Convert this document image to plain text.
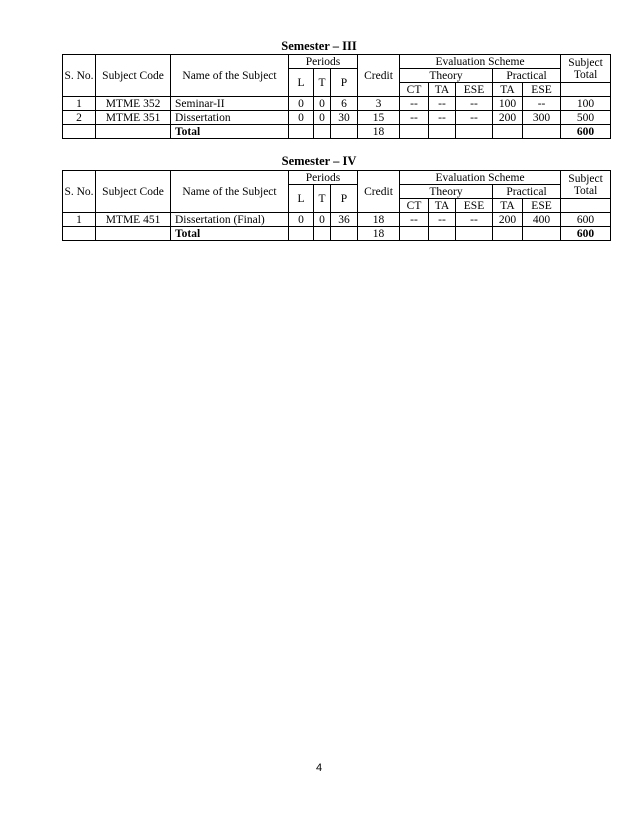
Semester – III
S. No.	Subject Code	Name of the Subject	Periods			Credit	Evaluation Scheme					Subject Total
			L	T	P		Theory			Practical		
							CT	TA	ESE	TA	ESE	
1	MTME 352	Seminar-II	0	0	6	3	--	--	--	100	--	100
2	MTME 351	Dissertation	0	0	30	15	--	--	--	200	300	500
		Total				18						600
Semester – IV
S. No.	Subject Code	Name of the Subject	Periods			Credit	Evaluation Scheme					Subject Total
			L	T	P		Theory			Practical		
							CT	TA	ESE	TA	ESE	
1	MTME 451	Dissertation (Final)	0	0	36	18	--	--	--	200	400	600
		Total				18						600
4
